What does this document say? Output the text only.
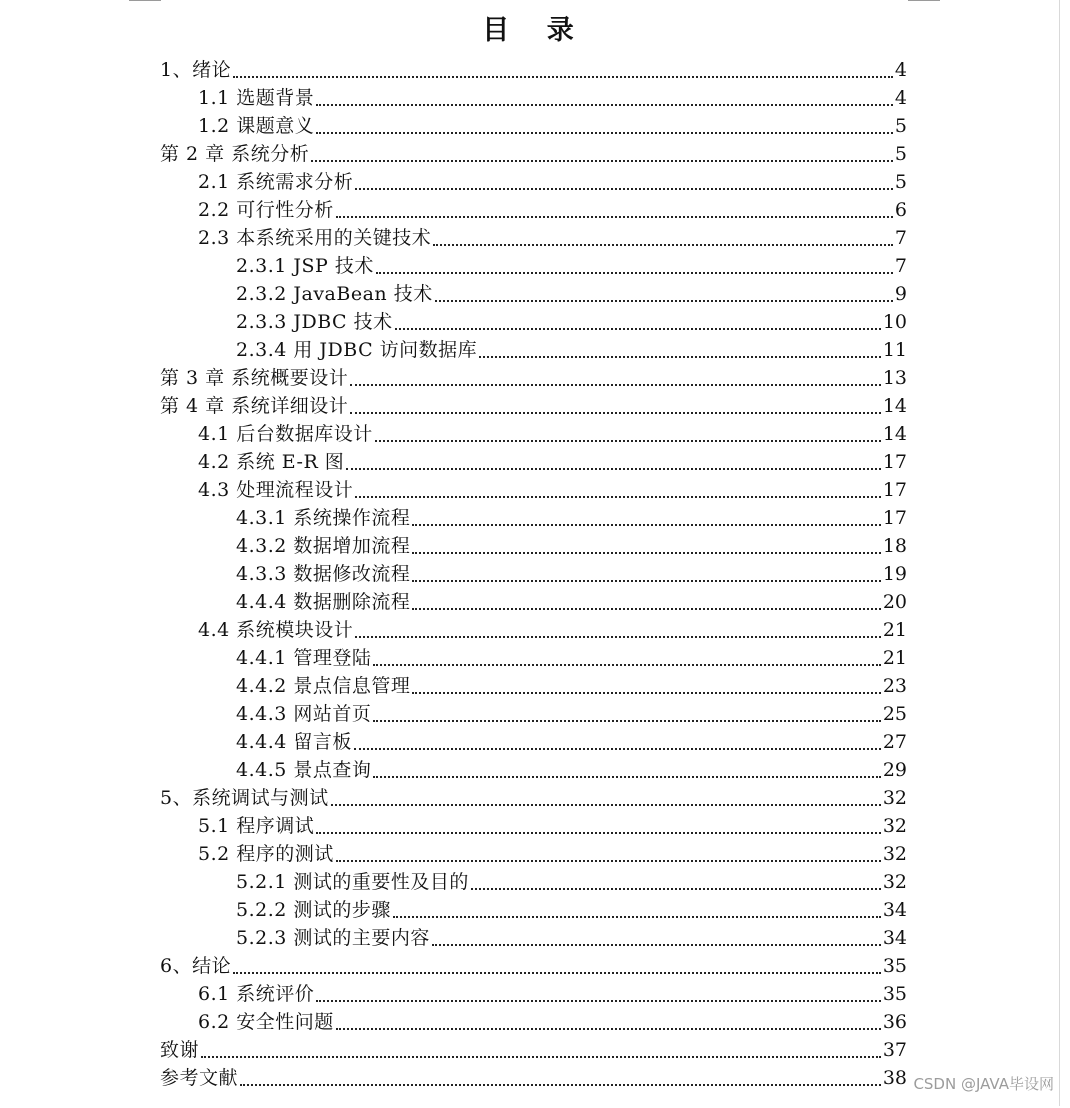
目 录
1、绪论	4
1.1 选题背景	4
1.2 课题意义	5
第 2 章 系统分析	5
2.1 系统需求分析	5
2.2 可行性分析	6
2.3 本系统采用的关键技术	7
2.3.1 JSP 技术	7
2.3.2 JavaBean 技术	9
2.3.3 JDBC 技术	10
2.3.4 用 JDBC 访问数据库	11
第 3 章 系统概要设计	13
第 4 章 系统详细设计	14
4.1 后台数据库设计	14
4.2 系统 E-R 图	17
4.3 处理流程设计	17
4.3.1 系统操作流程	17
4.3.2 数据增加流程	18
4.3.3 数据修改流程	19
4.4.4 数据删除流程	20
4.4 系统模块设计	21
4.4.1 管理登陆	21
4.4.2 景点信息管理	23
4.4.3 网站首页	25
4.4.4 留言板	27
4.4.5 景点查询	29
5、系统调试与测试	32
5.1 程序调试	32
5.2 程序的测试	32
5.2.1 测试的重要性及目的	32
5.2.2 测试的步骤	34
5.2.3 测试的主要内容	34
6、结论	35
6.1 系统评价	35
6.2 安全性问题	36
致谢	37
参考文献	38 CSDN @JAVA毕设网
